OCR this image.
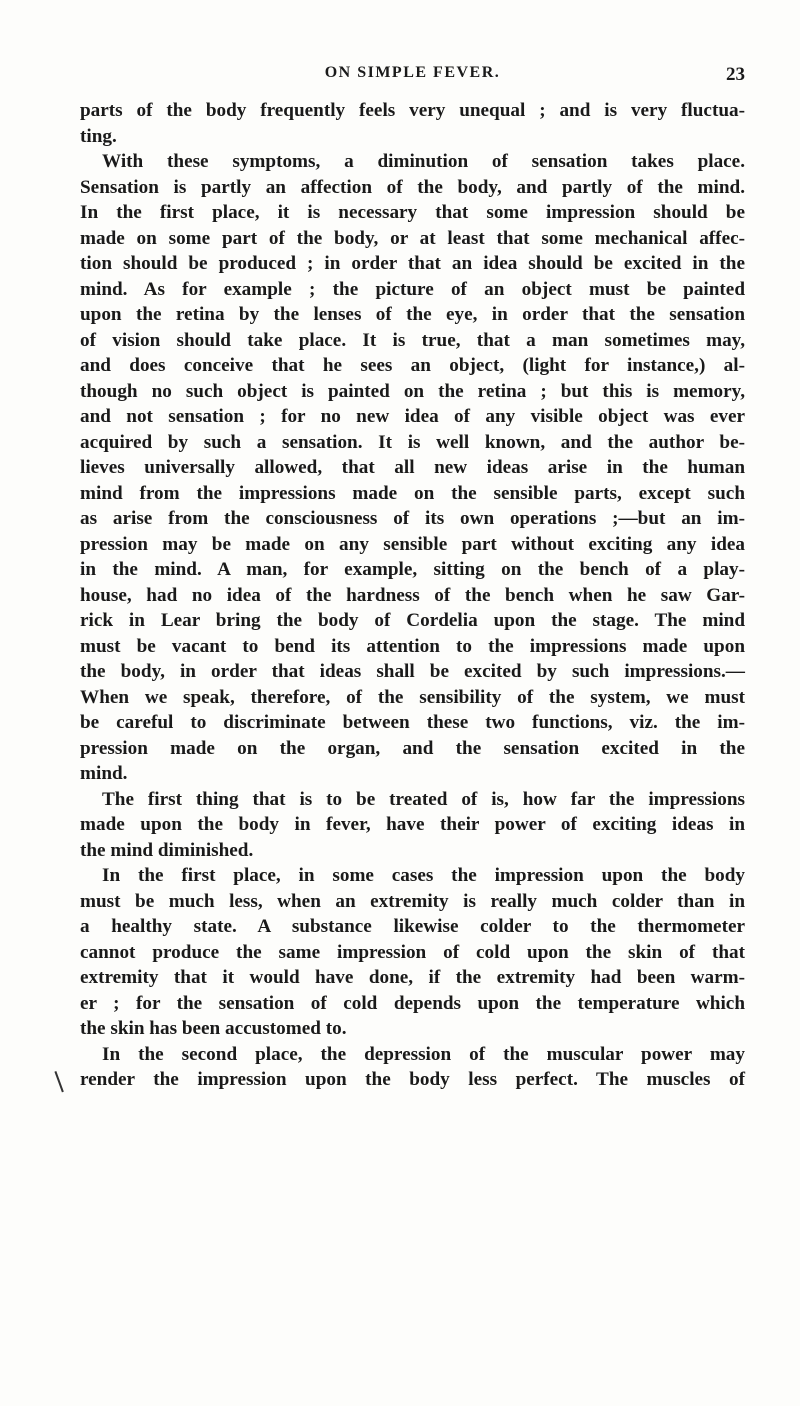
ON SIMPLE FEVER.	23
parts of the body frequently feels very unequal ; and is very fluctua-
ting.
With these symptoms, a diminution of sensation takes place.
Sensation is partly an affection of the body, and partly of the mind.
In the first place, it is necessary that some impression should be
made on some part of the body, or at least that some mechanical affec-
tion should be produced ; in order that an idea should be excited in the
mind. As for example ; the picture of an object must be painted
upon the retina by the lenses of the eye, in order that the sensation
of vision should take place. It is true, that a man sometimes may,
and does conceive that he sees an object, (light for instance,) al-
though no such object is painted on the retina ; but this is memory,
and not sensation ; for no new idea of any visible object was ever
acquired by such a sensation. It is well known, and the author be-
lieves universally allowed, that all new ideas arise in the human
mind from the impressions made on the sensible parts, except such
as arise from the consciousness of its own operations ;—but an im-
pression may be made on any sensible part without exciting any idea
in the mind. A man, for example, sitting on the bench of a play-
house, had no idea of the hardness of the bench when he saw Gar-
rick in Lear bring the body of Cordelia upon the stage. The mind
must be vacant to bend its attention to the impressions made upon
the body, in order that ideas shall be excited by such impressions.—
When we speak, therefore, of the sensibility of the system, we must
be careful to discriminate between these two functions, viz. the im-
pression made on the organ, and the sensation excited in the
mind.
The first thing that is to be treated of is, how far the impressions
made upon the body in fever, have their power of exciting ideas in
the mind diminished.
In the first place, in some cases the impression upon the body
must be much less, when an extremity is really much colder than in
a healthy state. A substance likewise colder to the thermometer
cannot produce the same impression of cold upon the skin of that
extremity that it would have done, if the extremity had been warm-
er ; for the sensation of cold depends upon the temperature which
the skin has been accustomed to.
In the second place, the depression of the muscular power may
render the impression upon the body less perfect. The muscles of
